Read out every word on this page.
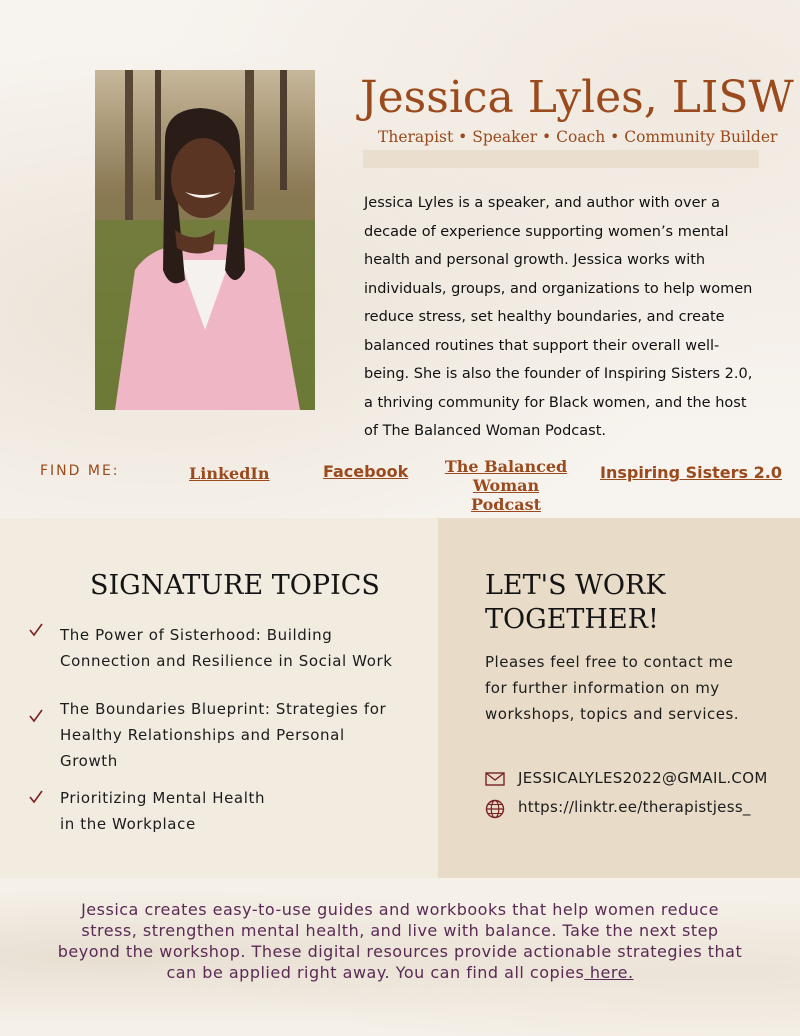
Jessica Lyles, LISW
Therapist • Speaker • Coach • Community Builder
Jessica Lyles is a speaker, and author with over a decade of experience supporting women’s mental health and personal growth. Jessica works with individuals, groups, and organizations to help women reduce stress, set healthy boundaries, and create balanced routines that support their overall well-being. She is also the founder of Inspiring Sisters 2.0, a thriving community for Black women, and the host of The Balanced Woman Podcast.
FIND ME:	LinkedIn	Facebook	The Balanced
Woman Podcast
Inspiring Sisters 2.0
SIGNATURE TOPICS
The Power of Sisterhood: Building
Connection and Resilience in Social Work
The Boundaries Blueprint: Strategies for
Healthy Relationships and Personal
Growth
Prioritizing Mental Health
in the Workplace
LET'S WORK
TOGETHER!
Pleases feel free to contact me for further information on my workshops, topics and services.
JESSICALYLES2022@GMAIL.COM
https://linktr.ee/therapistjess_
Jessica creates easy-to-use guides and workbooks that help women reduce stress, strengthen mental health, and live with balance. Take the next step beyond the workshop. These digital resources provide actionable strategies that can be applied right away. You can find all copies here.
